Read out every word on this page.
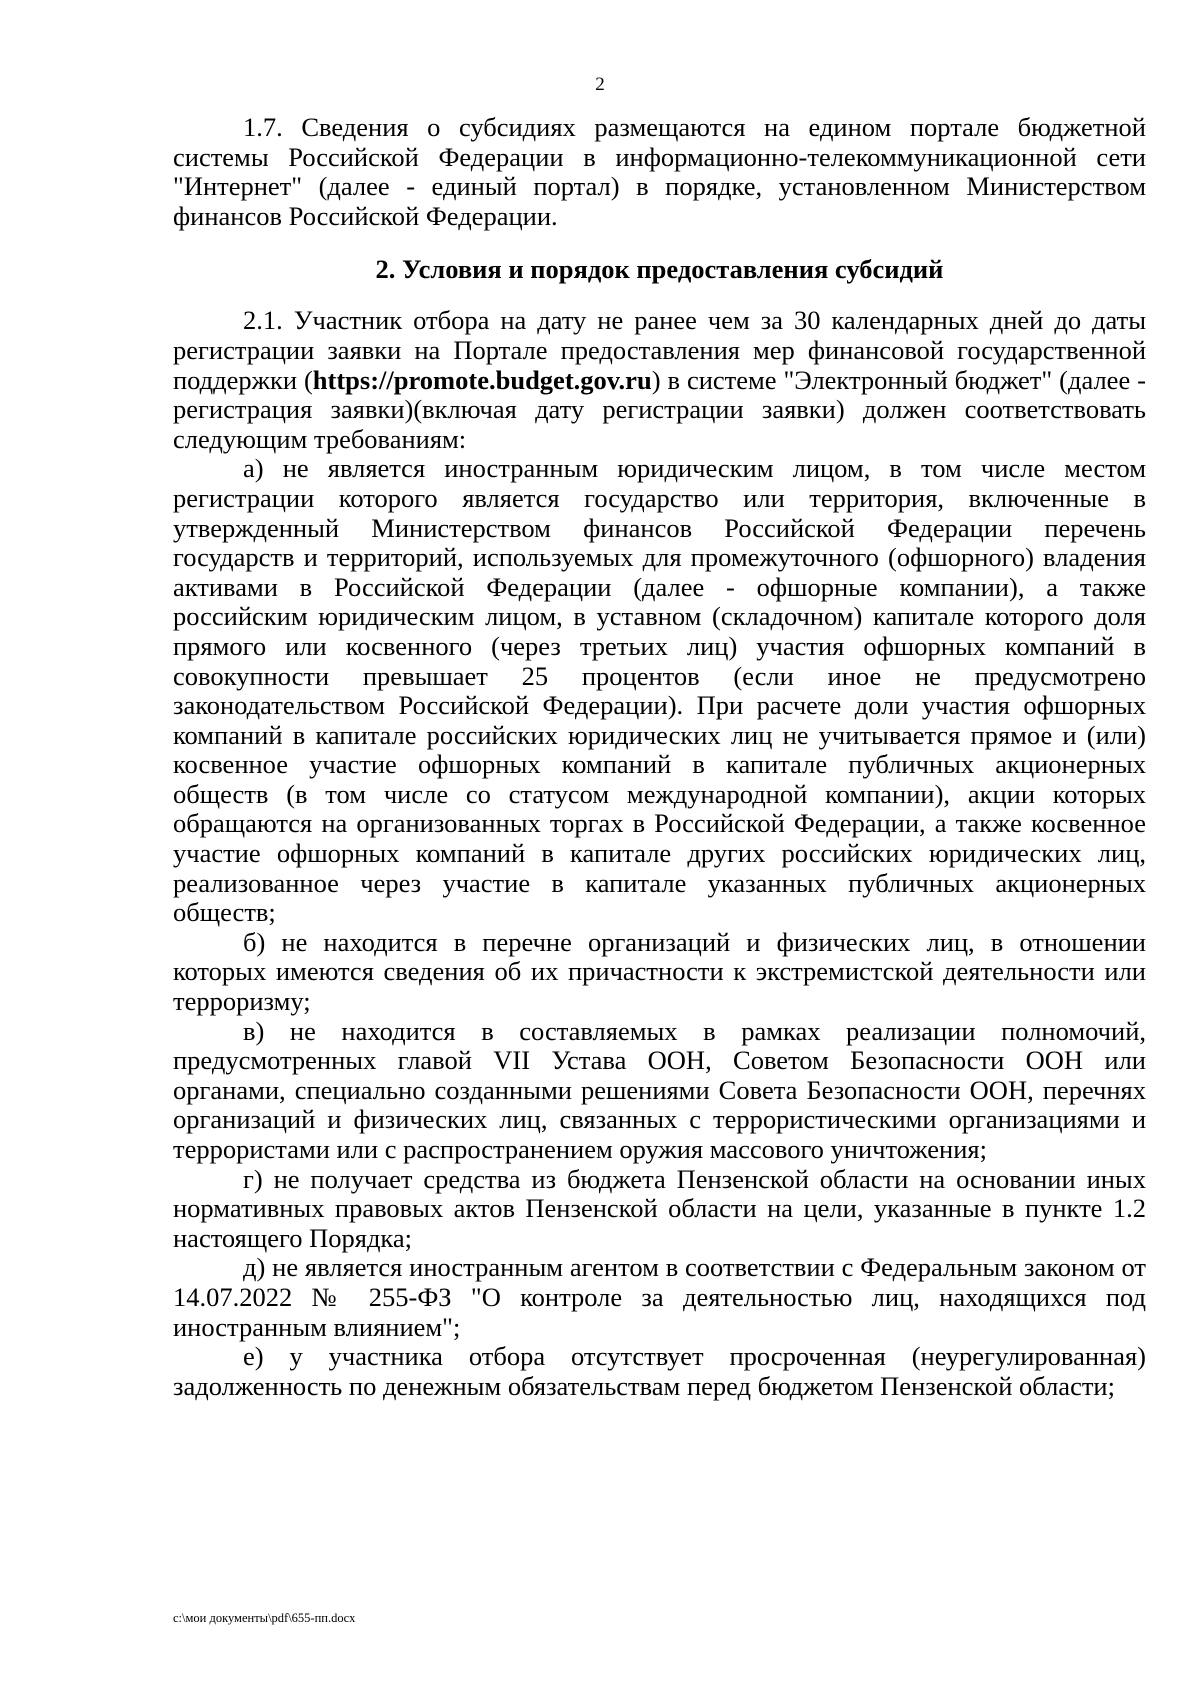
2

1.7. Сведения о субсидиях размещаются на едином портале бюджетной системы Российской Федерации в информационно-телекоммуникационной сети "Интернет" (далее - единый портал) в порядке, установленном Министерством финансов Российской Федерации.

2. Условия и порядок предоставления субсидий

2.1. Участник отбора на дату не ранее чем за 30 календарных дней до даты регистрации заявки на Портале предоставления мер финансовой государственной поддержки (https://promote.budget.gov.ru) в системе "Электронный бюджет" (далее - регистрация заявки)(включая дату регистрации заявки) должен соответствовать следующим требованиям:

а) не является иностранным юридическим лицом, в том числе местом регистрации которого является государство или территория, включенные в утвержденный Министерством финансов Российской Федерации перечень государств и территорий, используемых для промежуточного (офшорного) владения активами в Российской Федерации (далее - офшорные компании), а также российским юридическим лицом, в уставном (складочном) капитале которого доля прямого или косвенного (через третьих лиц) участия офшорных компаний в совокупности превышает 25 процентов (если иное не предусмотрено законодательством Российской Федерации). При расчете доли участия офшорных компаний в капитале российских юридических лиц не учитывается прямое и (или) косвенное участие офшорных компаний в капитале публичных акционерных обществ (в том числе со статусом международной компании), акции которых обращаются на организованных торгах в Российской Федерации, а также косвенное участие офшорных компаний в капитале других российских юридических лиц, реализованное через участие в капитале указанных публичных акционерных обществ;

б) не находится в перечне организаций и физических лиц, в отношении которых имеются сведения об их причастности к экстремистской деятельности или терроризму;

в) не находится в составляемых в рамках реализации полномочий, предусмотренных главой VII Устава ООН, Советом Безопасности ООН или органами, специально созданными решениями Совета Безопасности ООН, перечнях организаций и физических лиц, связанных с террористическими организациями и террористами или с распространением оружия массового уничтожения;

г) не получает средства из бюджета Пензенской области на основании иных нормативных правовых актов Пензенской области на цели, указанные в пункте 1.2 настоящего Порядка;

д) не является иностранным агентом в соответствии с Федеральным законом от 14.07.2022 № 255-ФЗ "О контроле за деятельностью лиц, находящихся под иностранным влиянием";

е) у участника отбора отсутствует просроченная (неурегулированная) задолженность по денежным обязательствам перед бюджетом Пензенской области;

c:\мои документы\pdf\655-пп.docx
